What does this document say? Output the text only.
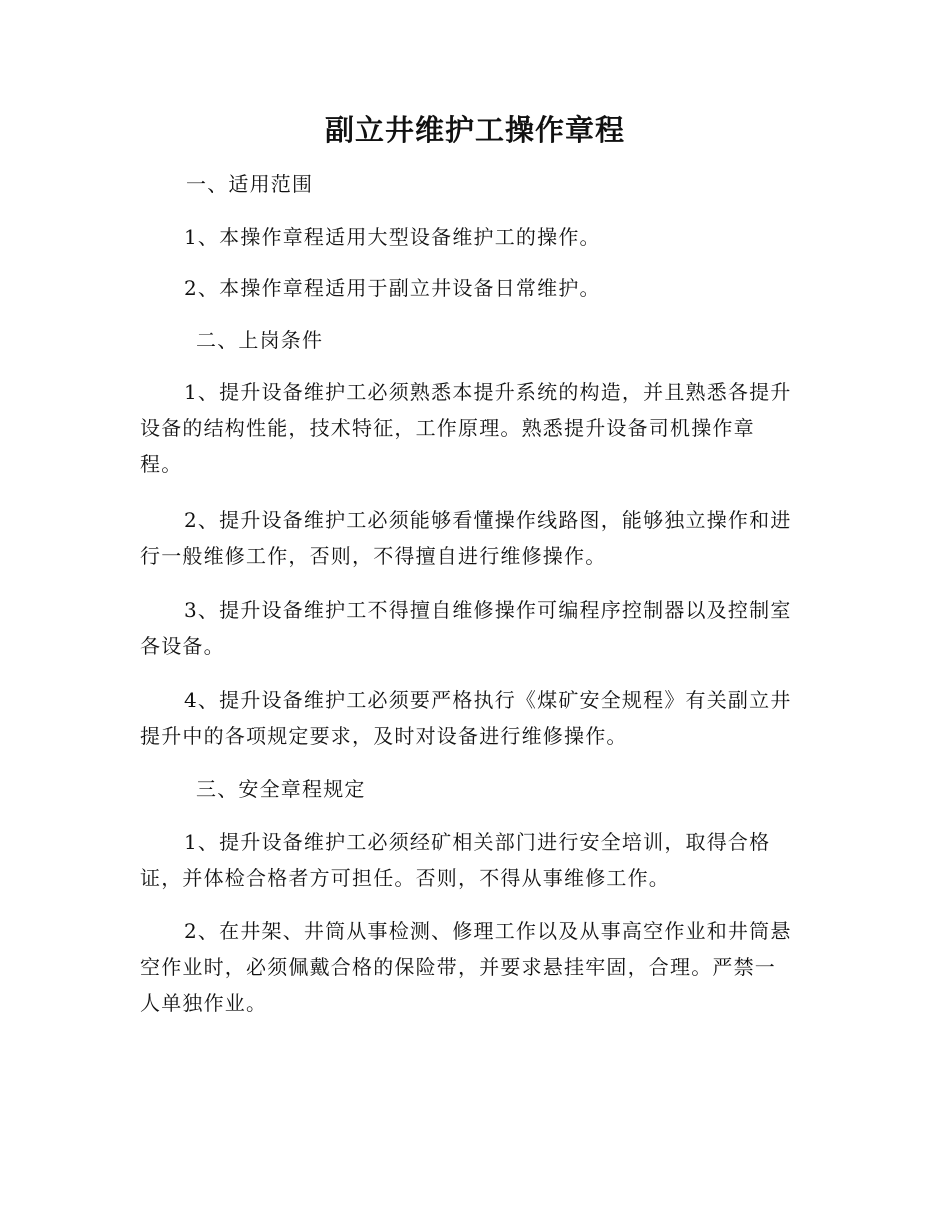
副立井维护工操作章程
一、适用范围
1、本操作章程适用大型设备维护工的操作。
2、本操作章程适用于副立井设备日常维护。
二、上岗条件
1、提升设备维护工必须熟悉本提升系统的构造，并且熟悉各提升
设备的结构性能，技术特征，工作原理。熟悉提升设备司机操作章
程。
2、提升设备维护工必须能够看懂操作线路图，能够独立操作和进
行一般维修工作，否则，不得擅自进行维修操作。
3、提升设备维护工不得擅自维修操作可编程序控制器以及控制室
各设备。
4、提升设备维护工必须要严格执行《煤矿安全规程》有关副立井
提升中的各项规定要求，及时对设备进行维修操作。
三、安全章程规定
1、提升设备维护工必须经矿相关部门进行安全培训，取得合格
证，并体检合格者方可担任。否则，不得从事维修工作。
2、在井架、井筒从事检测、修理工作以及从事高空作业和井筒悬
空作业时，必须佩戴合格的保险带，并要求悬挂牢固，合理。严禁一
人单独作业。
